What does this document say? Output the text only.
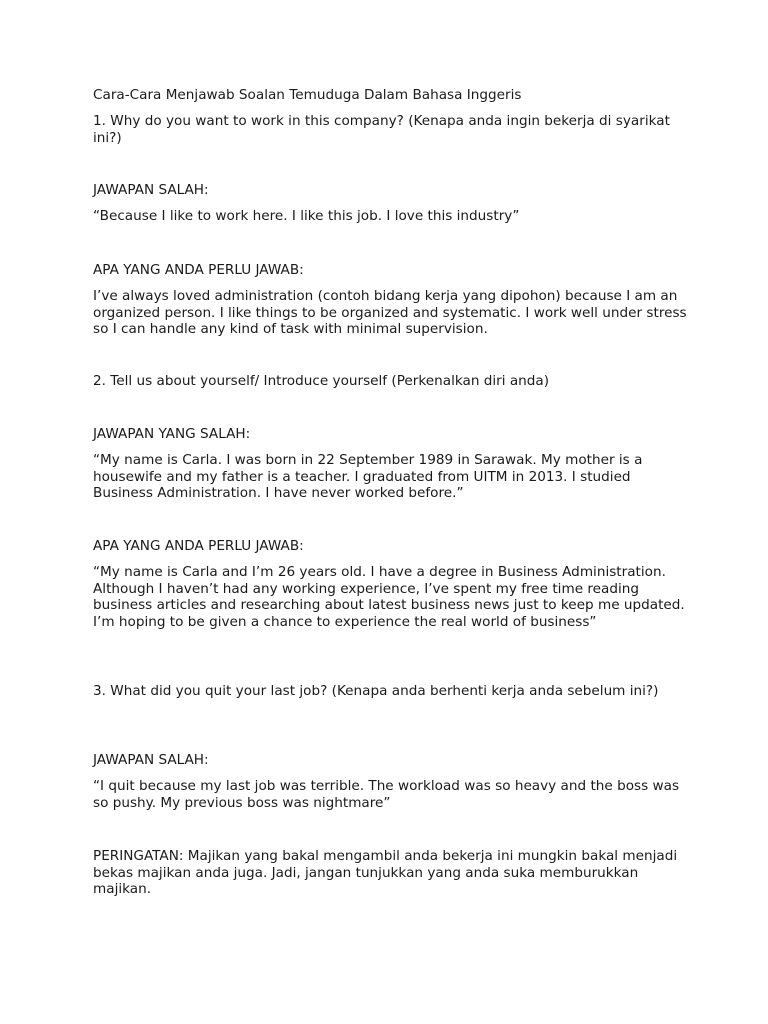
Cara-Cara Menjawab Soalan Temuduga Dalam Bahasa Inggeris

1. Why do you want to work in this company? (Kenapa anda ingin bekerja di syarikat ini?)

JAWAPAN SALAH:

“Because I like to work here. I like this job. I love this industry”

APA YANG ANDA PERLU JAWAB:

I’ve always loved administration (contoh bidang kerja yang dipohon) because I am an organized person. I like things to be organized and systematic. I work well under stress so I can handle any kind of task with minimal supervision.

2. Tell us about yourself/ Introduce yourself (Perkenalkan diri anda)

JAWAPAN YANG SALAH:

“My name is Carla. I was born in 22 September 1989 in Sarawak. My mother is a housewife and my father is a teacher. I graduated from UITM in 2013. I studied Business Administration. I have never worked before.”

APA YANG ANDA PERLU JAWAB:

“My name is Carla and I’m 26 years old. I have a degree in Business Administration. Although I haven’t had any working experience, I’ve spent my free time reading business articles and researching about latest business news just to keep me updated. I’m hoping to be given a chance to experience the real world of business”

3. What did you quit your last job? (Kenapa anda berhenti kerja anda sebelum ini?)

JAWAPAN SALAH:

“I quit because my last job was terrible. The workload was so heavy and the boss was so pushy. My previous boss was nightmare”

PERINGATAN: Majikan yang bakal mengambil anda bekerja ini mungkin bakal menjadi bekas majikan anda juga. Jadi, jangan tunjukkan yang anda suka memburukkan majikan.
